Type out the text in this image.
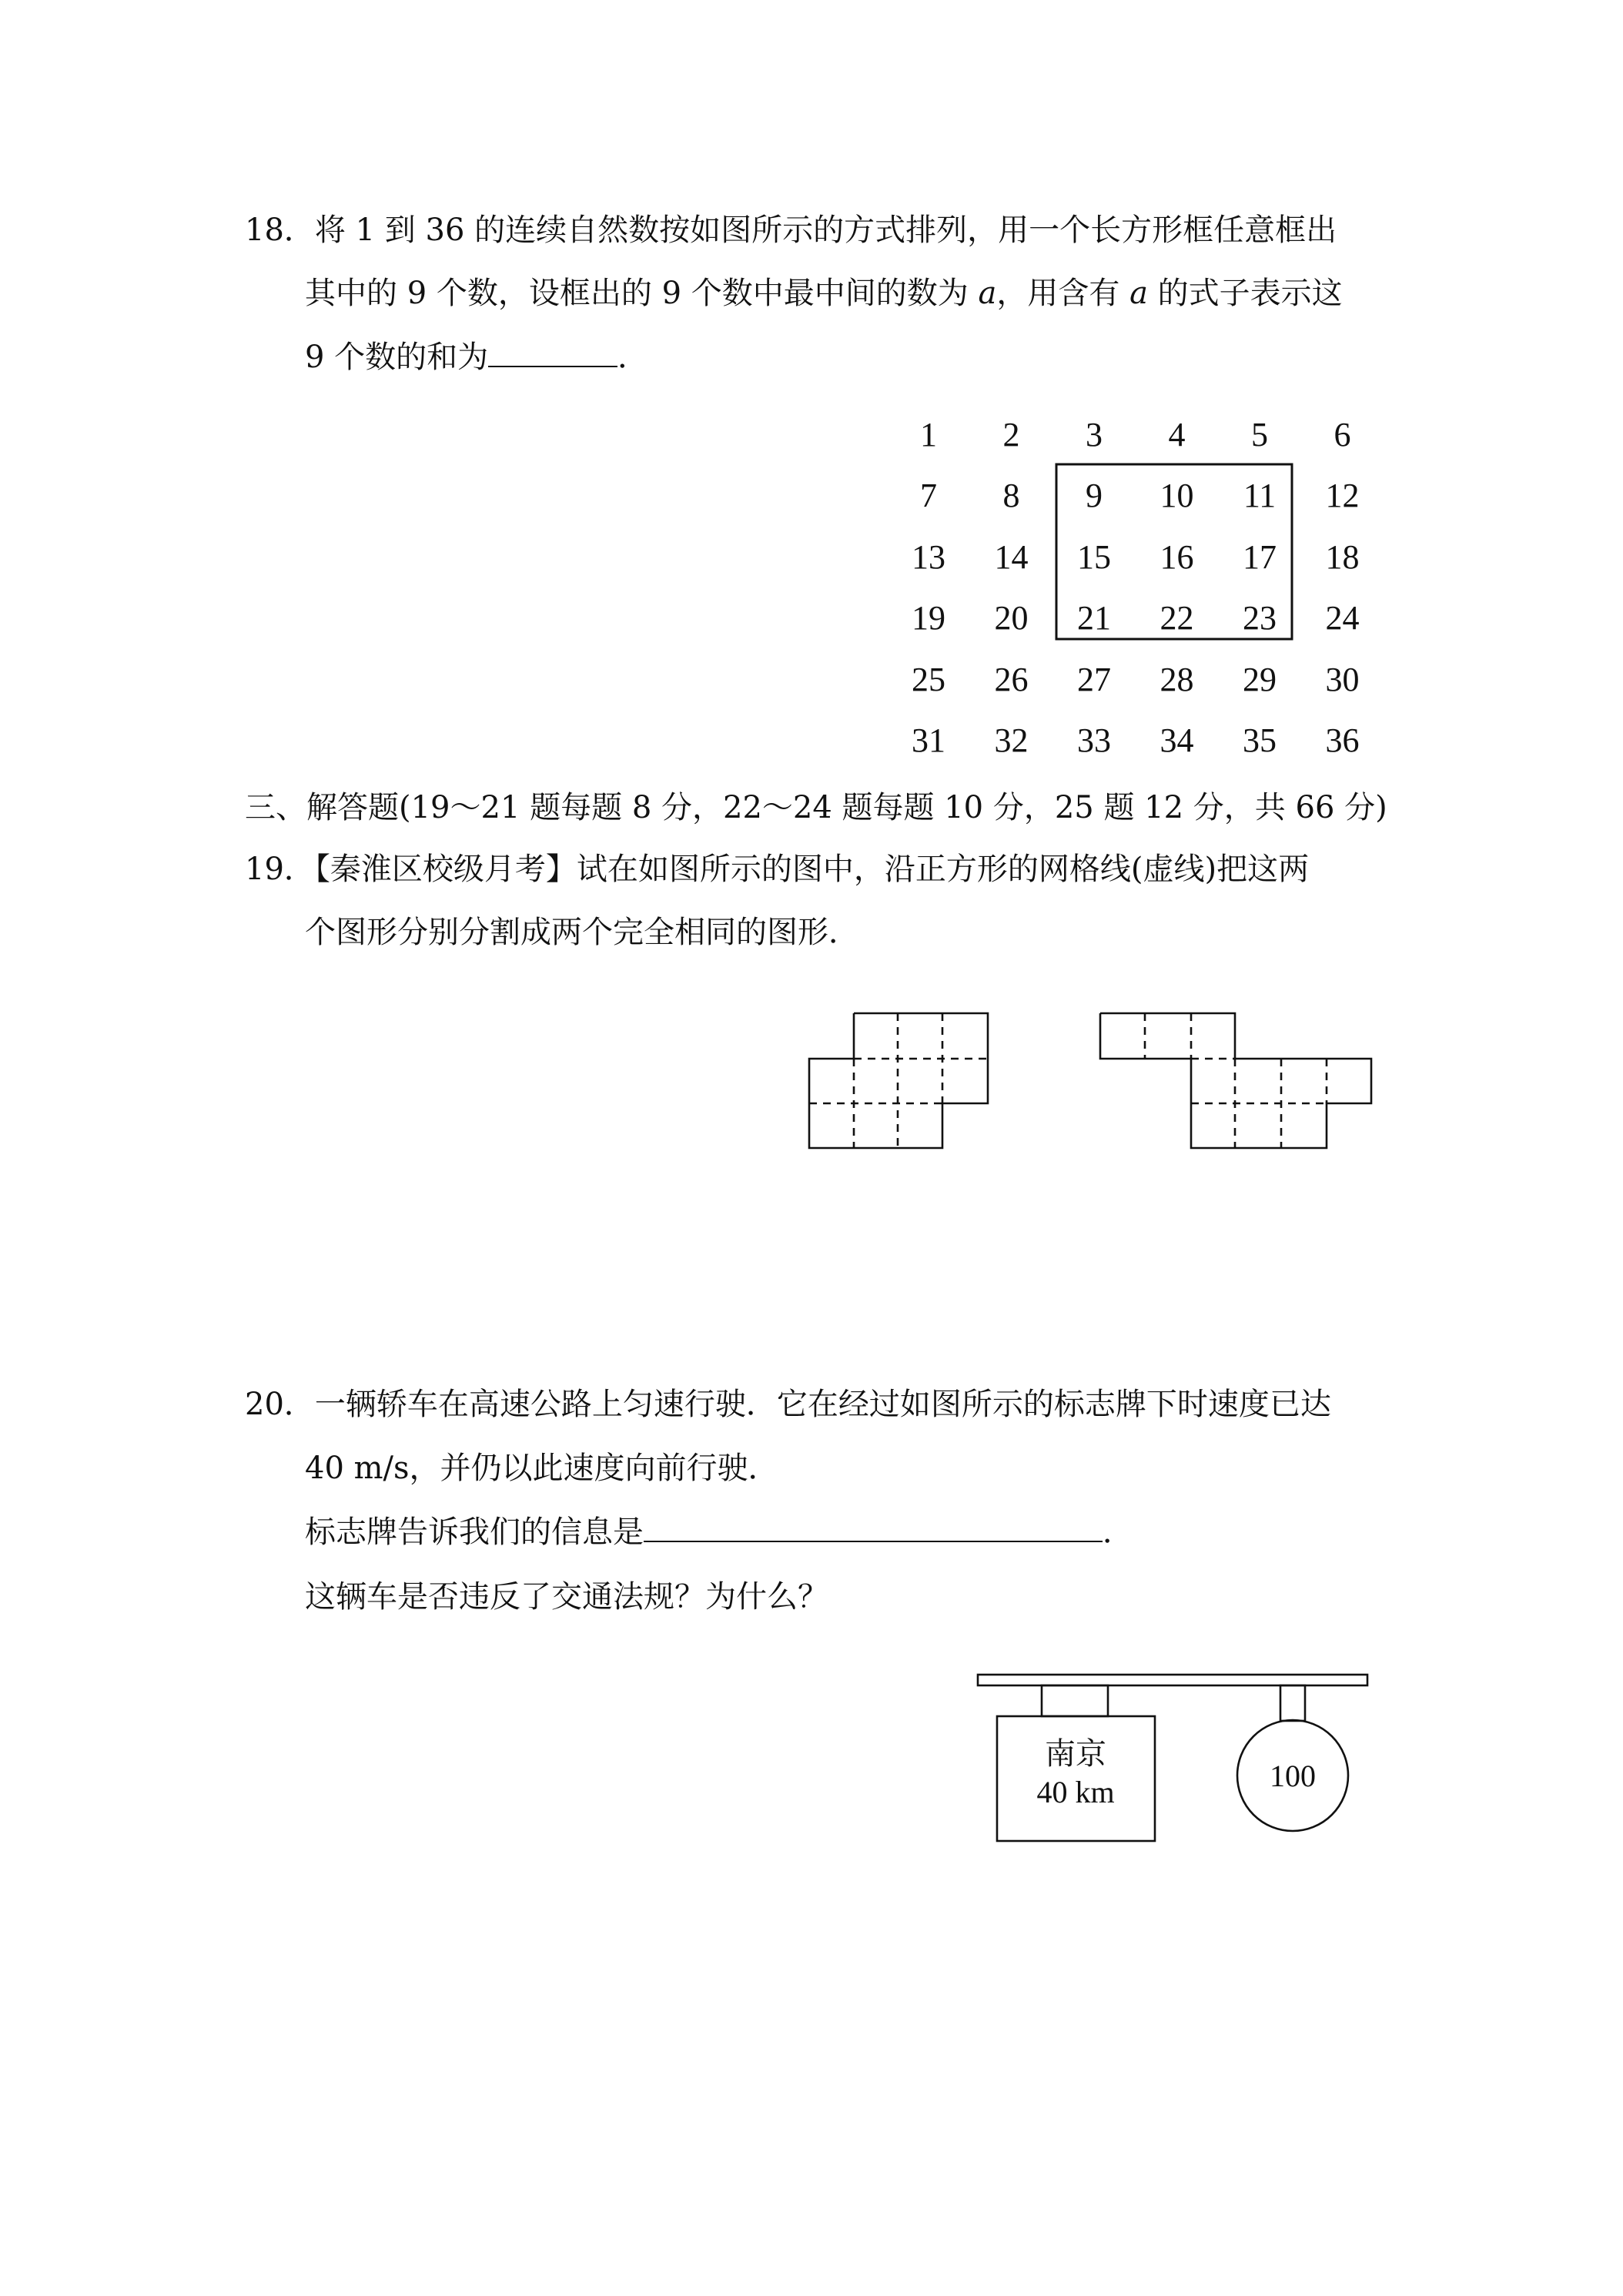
18．将 1 到 36 的连续自然数按如图所示的方式排列，用一个长方形框任意框出
其中的 9 个数，设框出的 9 个数中最中间的数为 a，用含有 a 的式子表示这
9 个数的和为	．
1	2	3	4	5	6
7	8	9	10	11	12
13	14	15	16	17	18
19	20	21	22	23	24
25	26	27	28	29	30
31	32	33	34	35	36
三、解答题(19～21 题每题 8 分，22～24 题每题 10 分，25 题 12 分，共 66 分)
19．【秦淮区校级月考】试在如图所示的图中，沿正方形的网格线(虚线)把这两
个图形分别分割成两个完全相同的图形．
20．一辆轿车在高速公路上匀速行驶．它在经过如图所示的标志牌下时速度已达
40 m/s，并仍以此速度向前行驶．
标志牌告诉我们的信息是	．
这辆车是否违反了交通法规？为什么？
南京
40 km	100
